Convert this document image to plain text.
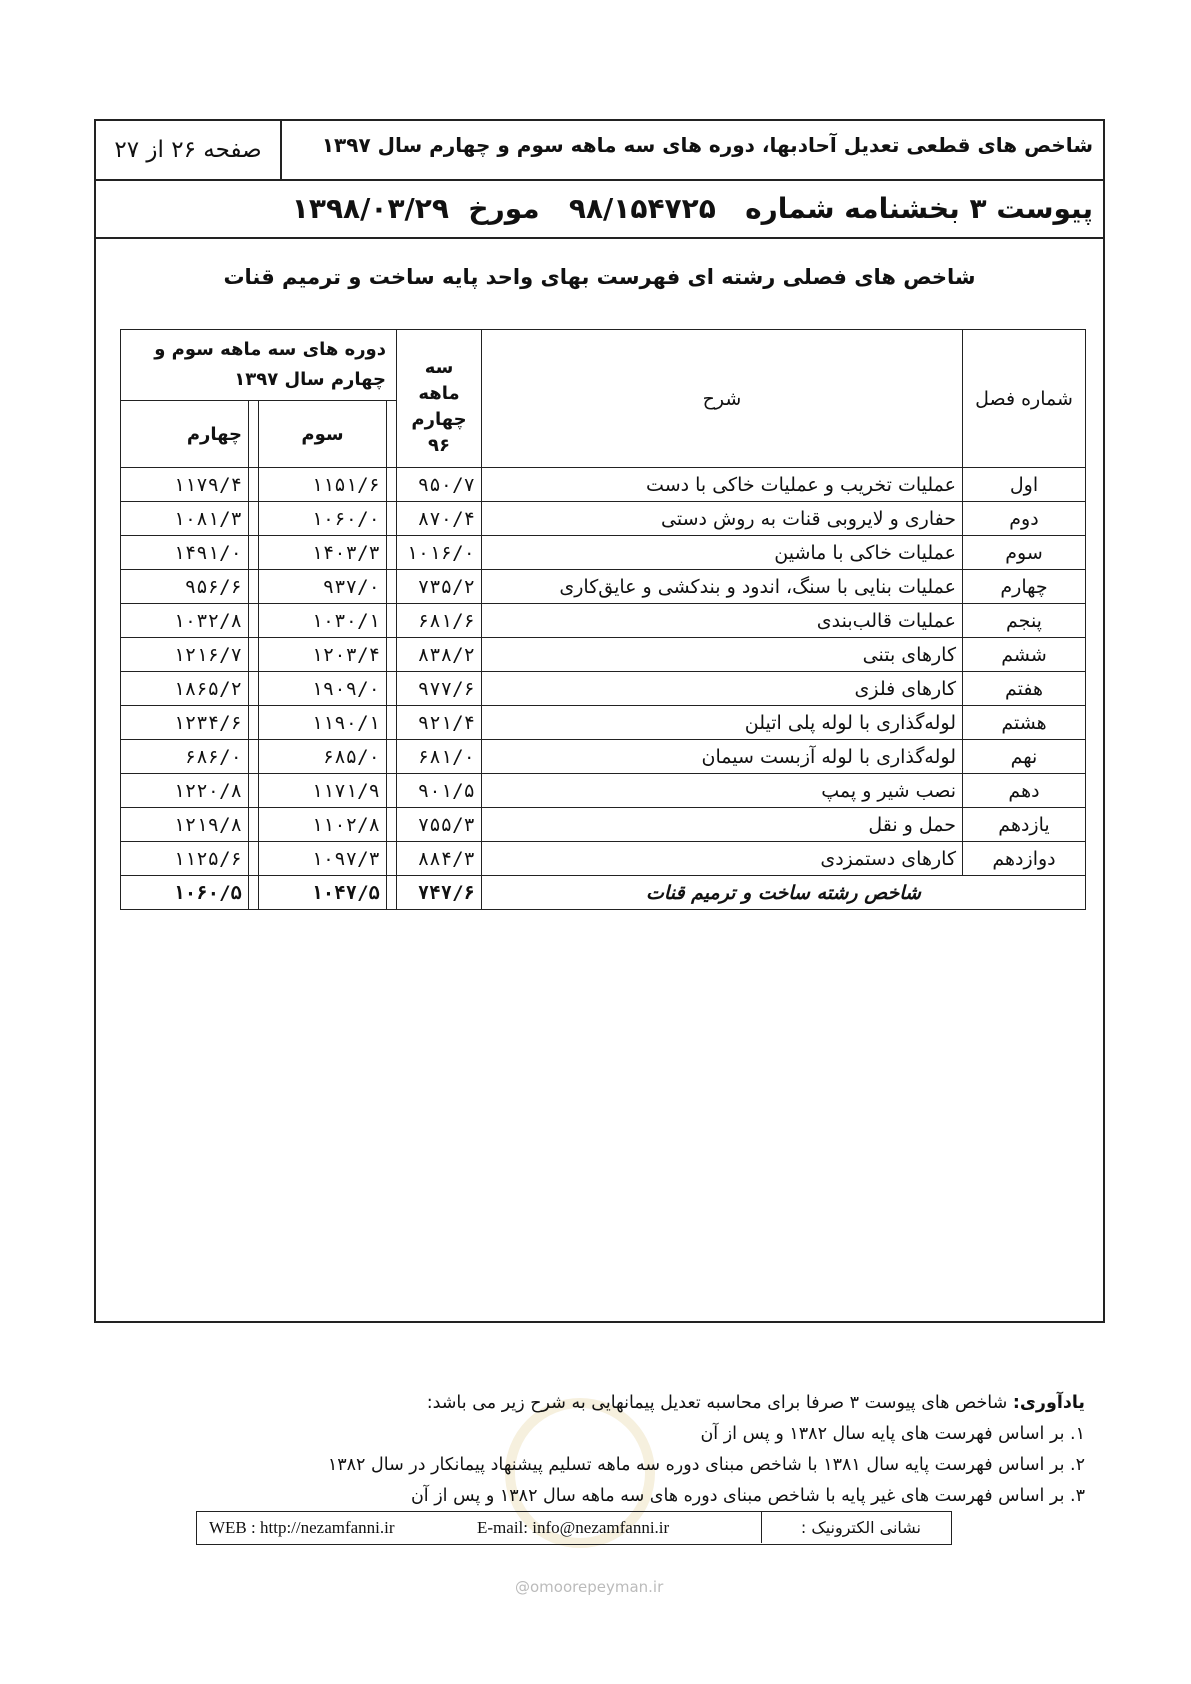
صفحه ۲۶ از ۲۷	شاخص های قطعی تعدیل آحادبها، دوره های سه ماهه سوم و چهارم سال ۱۳۹۷
پیوست ۳ بخشنامه شماره   ۹۸/۱۵۴۷۲۵   مورخ  ۱۳۹۸/۰۳/۲۹
شاخص های فصلی رشته ای فهرست بهای واحد پایه ساخت و ترمیم قنات
شماره فصل	شرح	سه ماهه چهارم ۹۶	دوره های سه ماهه سوم و چهارم سال ۱۳۹۷			
				سوم		چهارم
اول	عملیات تخریب و عملیات خاکی با دست	۹۵۰/۷		۱۱۵۱/۶		۱۱۷۹/۴
دوم	حفاری و لایروبی قنات به روش دستی	۸۷۰/۴		۱۰۶۰/۰		۱۰۸۱/۳
سوم	عملیات خاکی با ماشین	۱۰۱۶/۰		۱۴۰۳/۳		۱۴۹۱/۰
چهارم	عملیات بنایی با سنگ، اندود و بندکشی و عایق‌کاری	۷۳۵/۲		۹۳۷/۰		۹۵۶/۶
پنجم	عملیات قالب‌بندی	۶۸۱/۶		۱۰۳۰/۱		۱۰۳۲/۸
ششم	کارهای بتنی	۸۳۸/۲		۱۲۰۳/۴		۱۲۱۶/۷
هفتم	کارهای فلزی	۹۷۷/۶		۱۹۰۹/۰		۱۸۶۵/۲
هشتم	لوله‌گذاری با لوله پلی اتیلن	۹۲۱/۴		۱۱۹۰/۱		۱۲۳۴/۶
نهم	لوله‌گذاری با لوله آزبست سیمان	۶۸۱/۰		۶۸۵/۰		۶۸۶/۰
دهم	نصب شیر و پمپ	۹۰۱/۵		۱۱۷۱/۹		۱۲۲۰/۸
یازدهم	حمل و نقل	۷۵۵/۳		۱۱۰۲/۸		۱۲۱۹/۸
دوازدهم	کارهای دستمزدی	۸۸۴/۳		۱۰۹۷/۳		۱۱۲۵/۶
شاخص رشته ساخت و ترمیم قنات		۷۴۷/۶		۱۰۴۷/۵		۱۰۶۰/۵
یادآوری: شاخص های پیوست ۳ صرفا برای محاسبه تعدیل پیمانهایی به شرح زیر می باشد:
۱. بر اساس فهرست های پایه سال ۱۳۸۲ و پس از آن
۲. بر اساس فهرست پایه سال ۱۳۸۱ با شاخص مبنای دوره سه ماهه تسلیم پیشنهاد پیمانکار در سال ۱۳۸۲
۳. بر اساس فهرست های غیر پایه با شاخص مبنای دوره های سه ماهه سال ۱۳۸۲ و پس از آن
نشانی الکترونیک :
E-mail: info@nezamfanni.ir
WEB : http://nezamfanni.ir
@omoorepeyman.ir
